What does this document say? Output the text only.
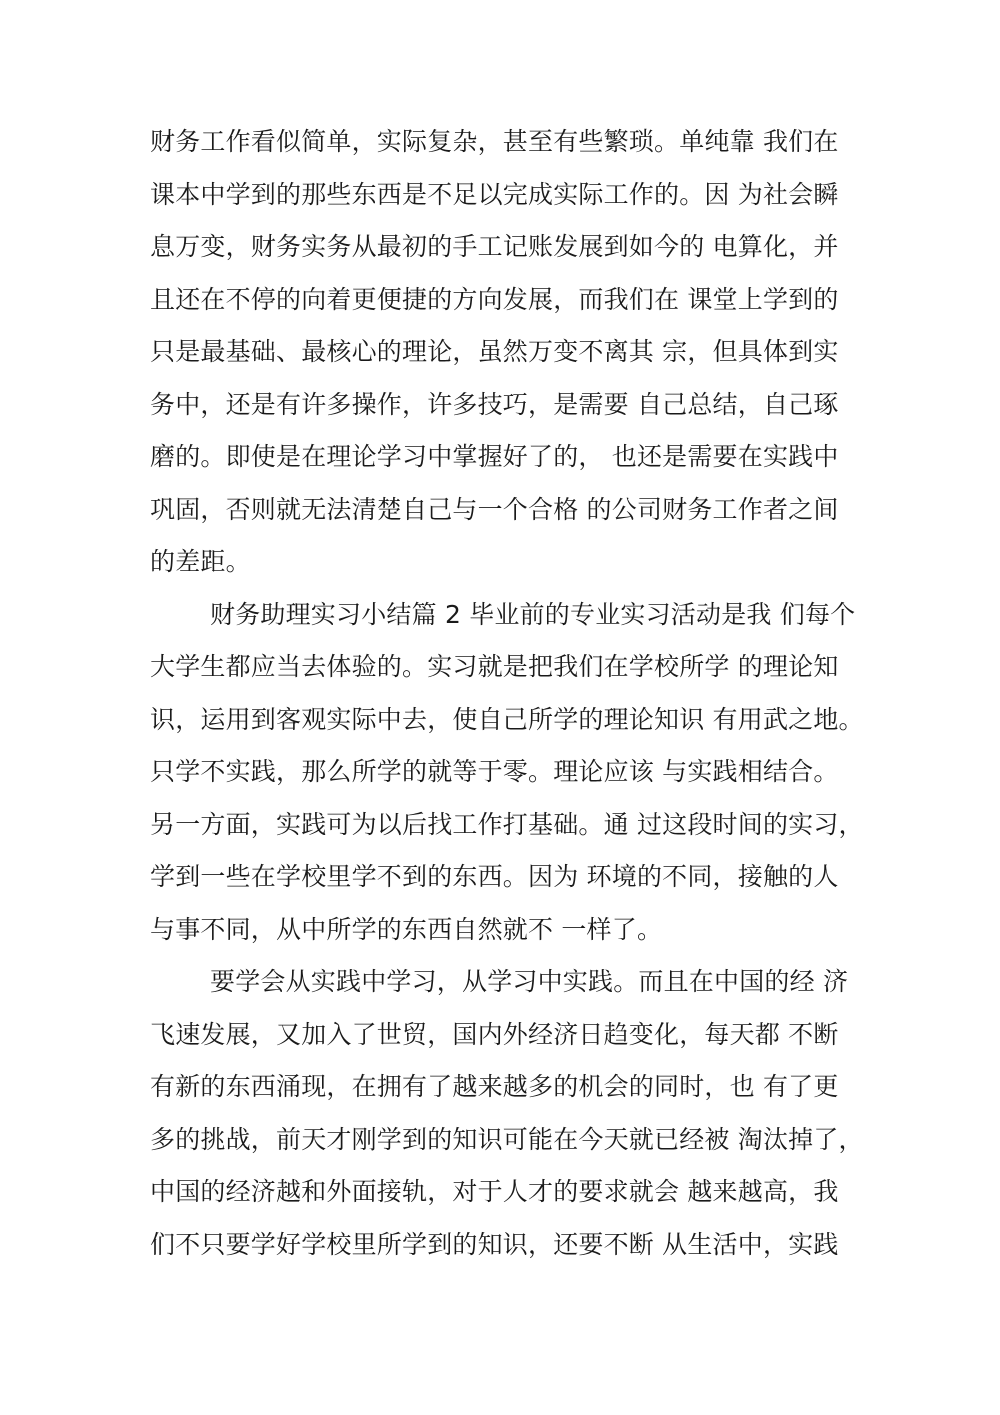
财务工作看似简单，实际复杂，甚至有些繁琐。单纯靠 我们在
课本中学到的那些东西是不足以完成实际工作的。因 为社会瞬
息万变，财务实务从最初的手工记账发展到如今的 电算化，并
且还在不停的向着更便捷的方向发展，而我们在 课堂上学到的
只是最基础、最核心的理论，虽然万变不离其 宗，但具体到实
务中，还是有许多操作，许多技巧，是需要 自己总结，自己琢
磨的。即使是在理论学习中掌握好了的， 也还是需要在实践中
巩固，否则就无法清楚自己与一个合格 的公司财务工作者之间
的差距。
财务助理实习小结篇 2 毕业前的专业实习活动是我 们每个
大学生都应当去体验的。实习就是把我们在学校所学 的理论知
识，运用到客观实际中去，使自己所学的理论知识 有用武之地。
只学不实践，那么所学的就等于零。理论应该 与实践相结合。
另一方面，实践可为以后找工作打基础。通 过这段时间的实习，
学到一些在学校里学不到的东西。因为 环境的不同，接触的人
与事不同，从中所学的东西自然就不 一样了。
要学会从实践中学习，从学习中实践。而且在中国的经 济
飞速发展，又加入了世贸，国内外经济日趋变化，每天都 不断
有新的东西涌现，在拥有了越来越多的机会的同时，也 有了更
多的挑战，前天才刚学到的知识可能在今天就已经被 淘汰掉了，
中国的经济越和外面接轨，对于人才的要求就会 越来越高，我
们不只要学好学校里所学到的知识，还要不断 从生活中，实践
